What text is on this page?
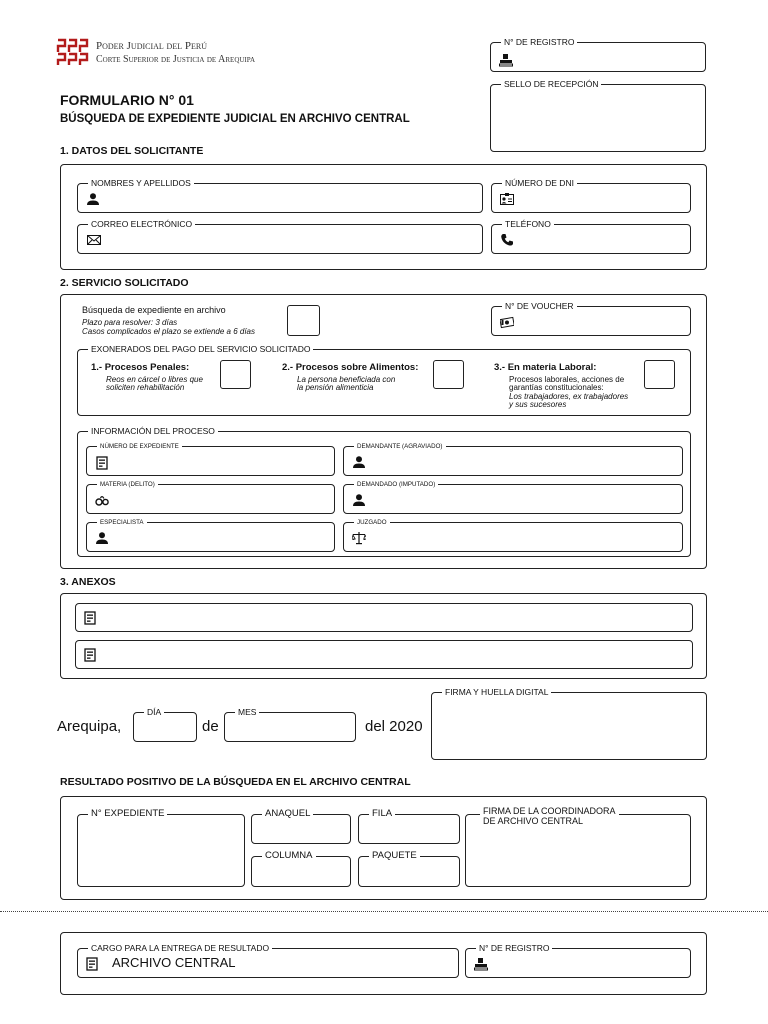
Poder Judicial del Perú
Corte Superior de Justicia de Arequipa
N° DE REGISTRO
SELLO DE RECEPCIÓN
FORMULARIO N° 01
BÚSQUEDA DE EXPEDIENTE JUDICIAL EN ARCHIVO CENTRAL
1. DATOS DEL SOLICITANTE
NOMBRES Y APELLIDOS	NÚMERO DE DNI
CORREO ELECTRÓNICO	TELÉFONO
2. SERVICIO SOLICITADO
Búsqueda de expediente en archivo
Plazo para resolver: 3 días
Casos complicados el plazo se extiende a 6 días
N° DE VOUCHER
EXONERADOS DEL PAGO DEL SERVICIO SOLICITADO
1.- Procesos Penales:
Reos en cárcel o libres que
soliciten rehabilitación
2.- Procesos sobre Alimentos:
La persona beneficiada con
la pensión alimenticia
3.- En materia Laboral:
Procesos laborales, acciones de
garantías constitucionales:
Los trabajadores, ex trabajadores
y sus sucesores
INFORMACIÓN DEL PROCESO
NÚMERO DE EXPEDIENTE	DEMANDANTE (AGRAVIADO)
MATERIA (DELITO)	DEMANDADO (IMPUTADO)
ESPECIALISTA	JUZGADO
3. ANEXOS
Arequipa,
DÍA
de
MES
del 2020
FIRMA Y HUELLA DIGITAL
RESULTADO POSITIVO DE LA BÚSQUEDA EN EL ARCHIVO CENTRAL
N° EXPEDIENTE	ANAQUEL	FILA
COLUMNA	PAQUETE
FIRMA DE LA COORDINADORA
DE ARCHIVO CENTRAL
CARGO PARA LA ENTREGA DE RESULTADO
ARCHIVO CENTRAL
N° DE REGISTRO
